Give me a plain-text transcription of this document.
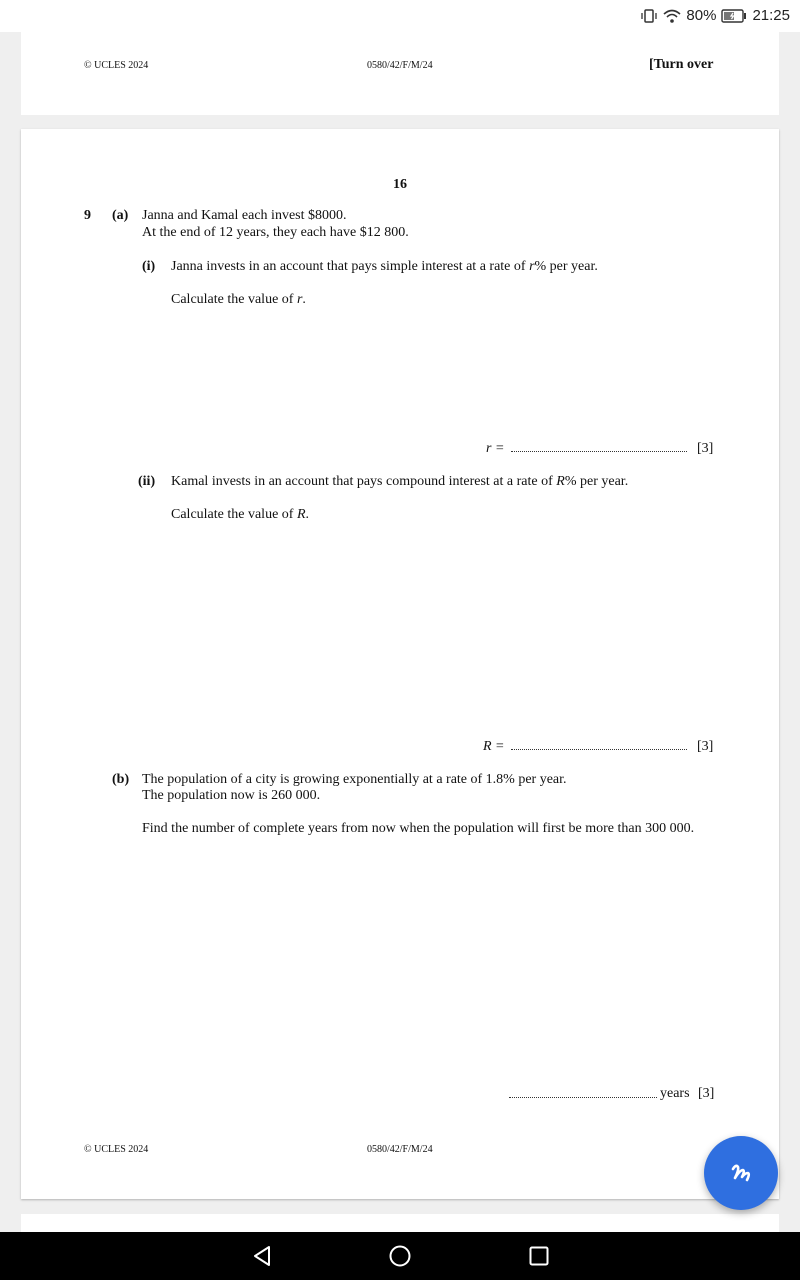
80% 21:25
© UCLES 2024	0580/42/F/M/24	[Turn over
16
9 (a) Janna and Kamal each invest $8000.
At the end of 12 years, they each have $12 800.
(i) Janna invests in an account that pays simple interest at a rate of r% per year.
Calculate the value of r.
r =	[3]
(ii) Kamal invests in an account that pays compound interest at a rate of R% per year.
Calculate the value of R.
R =	[3]
(b) The population of a city is growing exponentially at a rate of 1.8% per year.
The population now is 260 000.
Find the number of complete years from now when the population will first be more than 300 000.
years [3]
© UCLES 2024	0580/42/F/M/24
